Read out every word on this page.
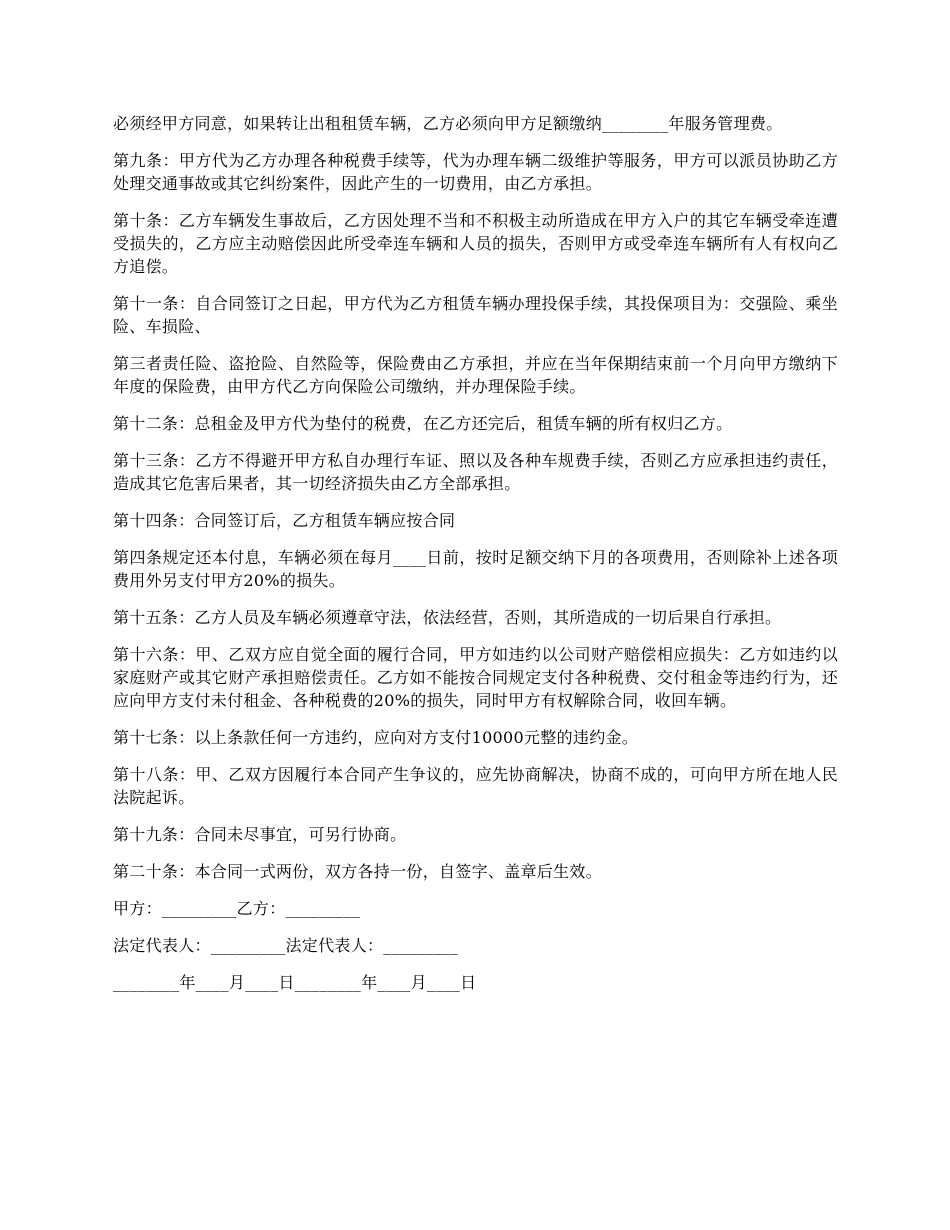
必须经甲方同意，如果转让出租租赁车辆，乙方必须向甲方足额缴纳________年服务管理费。

第九条：甲方代为乙方办理各种税费手续等，代为办理车辆二级维护等服务，甲方可以派员协助乙方处理交通事故或其它纠纷案件，因此产生的一切费用，由乙方承担。

第十条：乙方车辆发生事故后，乙方因处理不当和不积极主动所造成在甲方入户的其它车辆受牵连遭受损失的，乙方应主动赔偿因此所受牵连车辆和人员的损失，否则甲方或受牵连车辆所有人有权向乙方追偿。

第十一条：自合同签订之日起，甲方代为乙方租赁车辆办理投保手续，其投保项目为：交强险、乘坐险、车损险、

第三者责任险、盗抢险、自然险等，保险费由乙方承担，并应在当年保期结束前一个月向甲方缴纳下年度的保险费，由甲方代乙方向保险公司缴纳，并办理保险手续。

第十二条：总租金及甲方代为垫付的税费，在乙方还完后，租赁车辆的所有权归乙方。

第十三条：乙方不得避开甲方私自办理行车证、照以及各种车规费手续，否则乙方应承担违约责任，造成其它危害后果者，其一切经济损失由乙方全部承担。

第十四条：合同签订后，乙方租赁车辆应按合同

第四条规定还本付息，车辆必须在每月____日前，按时足额交纳下月的各项费用，否则除补上述各项费用外另支付甲方20%的损失。

第十五条：乙方人员及车辆必须遵章守法，依法经营，否则，其所造成的一切后果自行承担。

第十六条：甲、乙双方应自觉全面的履行合同，甲方如违约以公司财产赔偿相应损失：乙方如违约以家庭财产或其它财产承担赔偿责任。乙方如不能按合同规定支付各种税费、交付租金等违约行为，还应向甲方支付未付租金、各种税费的20%的损失，同时甲方有权解除合同，收回车辆。

第十七条：以上条款任何一方违约，应向对方支付10000元整的违约金。

第十八条：甲、乙双方因履行本合同产生争议的，应先协商解决，协商不成的，可向甲方所在地人民法院起诉。

第十九条：合同未尽事宜，可另行协商。

第二十条：本合同一式两份，双方各持一份，自签字、盖章后生效。

甲方：_________乙方：_________

法定代表人：_________法定代表人：_________

________年____月____日________年____月____日
